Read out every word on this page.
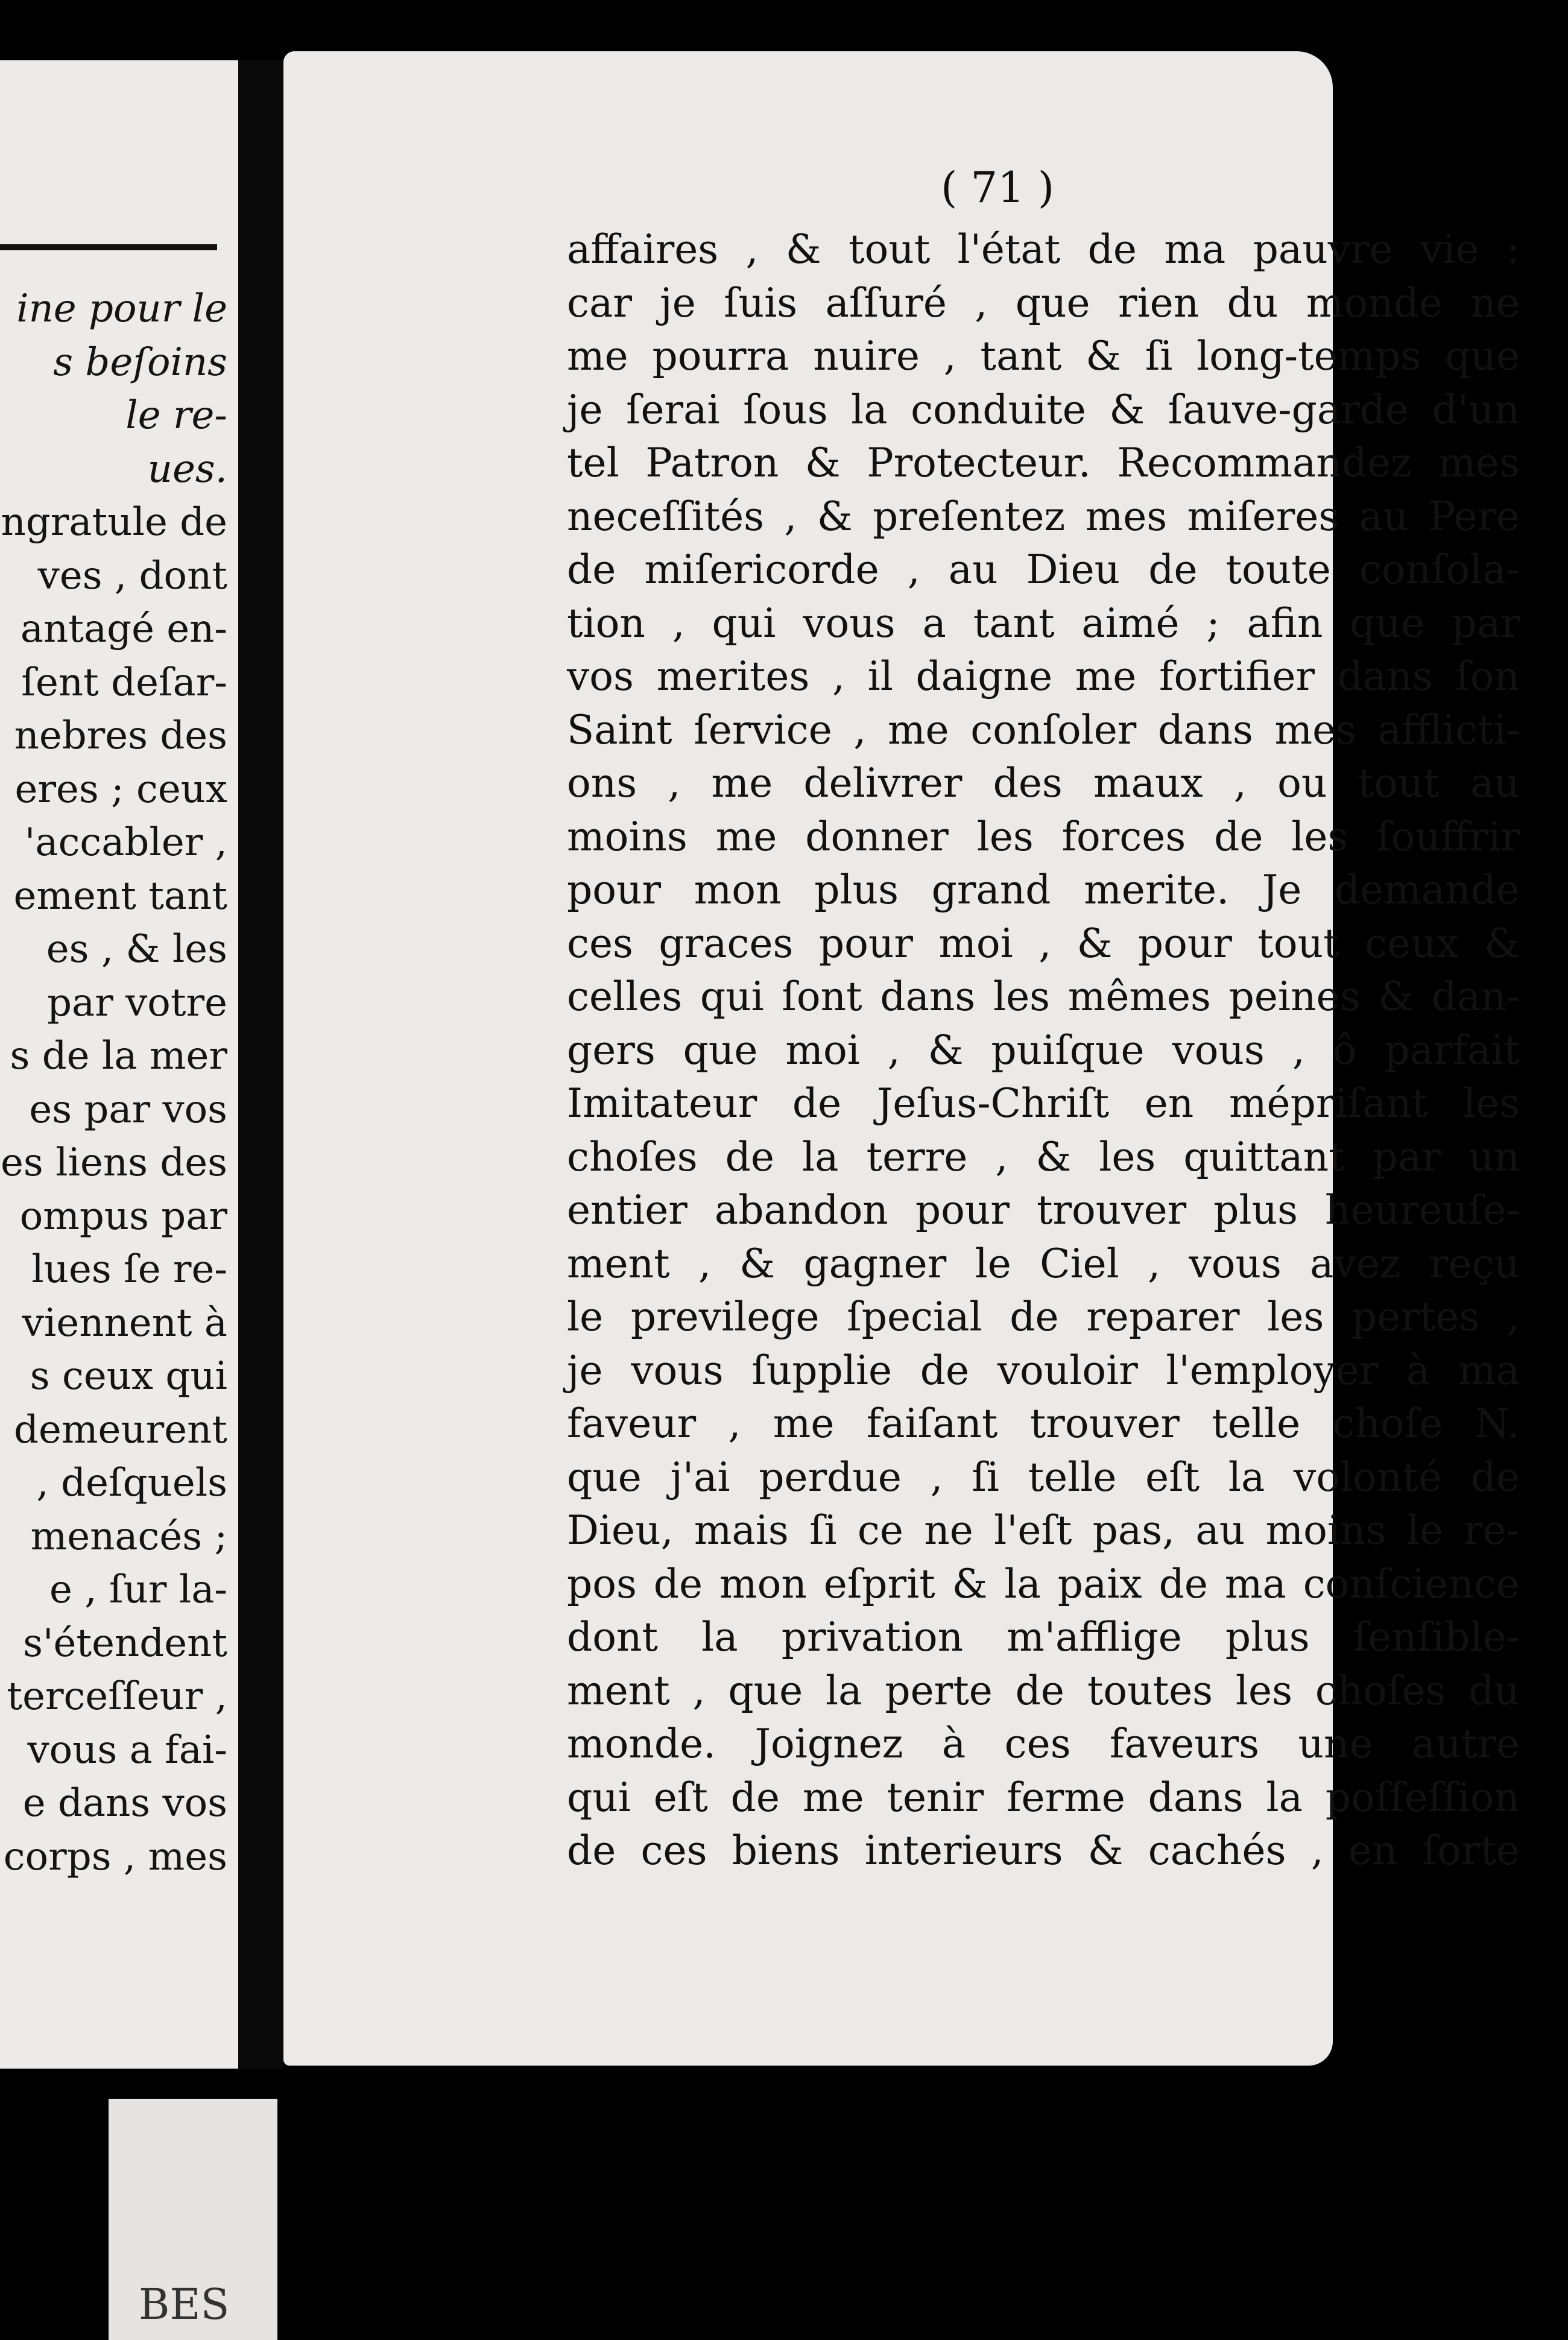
ine pour le
s beſoins
le re-
ues.
ngratule de
ves , dont
antagé en-
ſent deſar-
nebres des
eres ; ceux
'accabler ,
ement tant
es , & les
par votre
s de la mer
es par vos
es liens des
ompus par
lues ſe re-
viennent à
s ceux qui
demeurent
, deſquels
menacés ;
e , ſur la-
s'étendent
terceſſeur ,
vous a fai-
e dans vos
corps , mes
( 71 )
affaires , & tout l'état de ma pauvre vie :
car je ſuis aſſuré , que rien du monde ne
me pourra nuire , tant & ſi long-temps que
je ſerai ſous la conduite & ſauve-garde d'un
tel Patron & Protecteur. Recommandez mes
neceſſités , & preſentez mes miſeres au Pere
de miſericorde , au Dieu de toute conſola-
tion , qui vous a tant aimé ; afin que par
vos merites , il daigne me fortifier dans ſon
Saint ſervice , me conſoler dans mes afflicti-
ons , me delivrer des maux , ou tout au
moins me donner les forces de les ſouffrir
pour mon plus grand merite. Je demande
ces graces pour moi , & pour tout ceux &
celles qui ſont dans les mêmes peines & dan-
gers que moi , & puiſque vous , ô parfait
Imitateur de Jeſus-Chriſt en mépriſant les
choſes de la terre , & les quittant par un
entier abandon pour trouver plus heureuſe-
ment , & gagner le Ciel , vous avez reçu
le previlege ſpecial de reparer les pertes ,
je vous ſupplie de vouloir l'employer à ma
faveur , me faiſant trouver telle choſe N.
que j'ai perdue , ſi telle eſt la volonté de
Dieu, mais ſi ce ne l'eſt pas, au moins le re-
pos de mon eſprit & la paix de ma conſcience
dont la privation m'afflige plus ſenſible-
ment , que la perte de toutes les choſes du
monde. Joignez à ces faveurs une autre
qui eſt de me tenir ferme dans la poſſeſſion
de ces biens interieurs & cachés , en ſorte
BES
